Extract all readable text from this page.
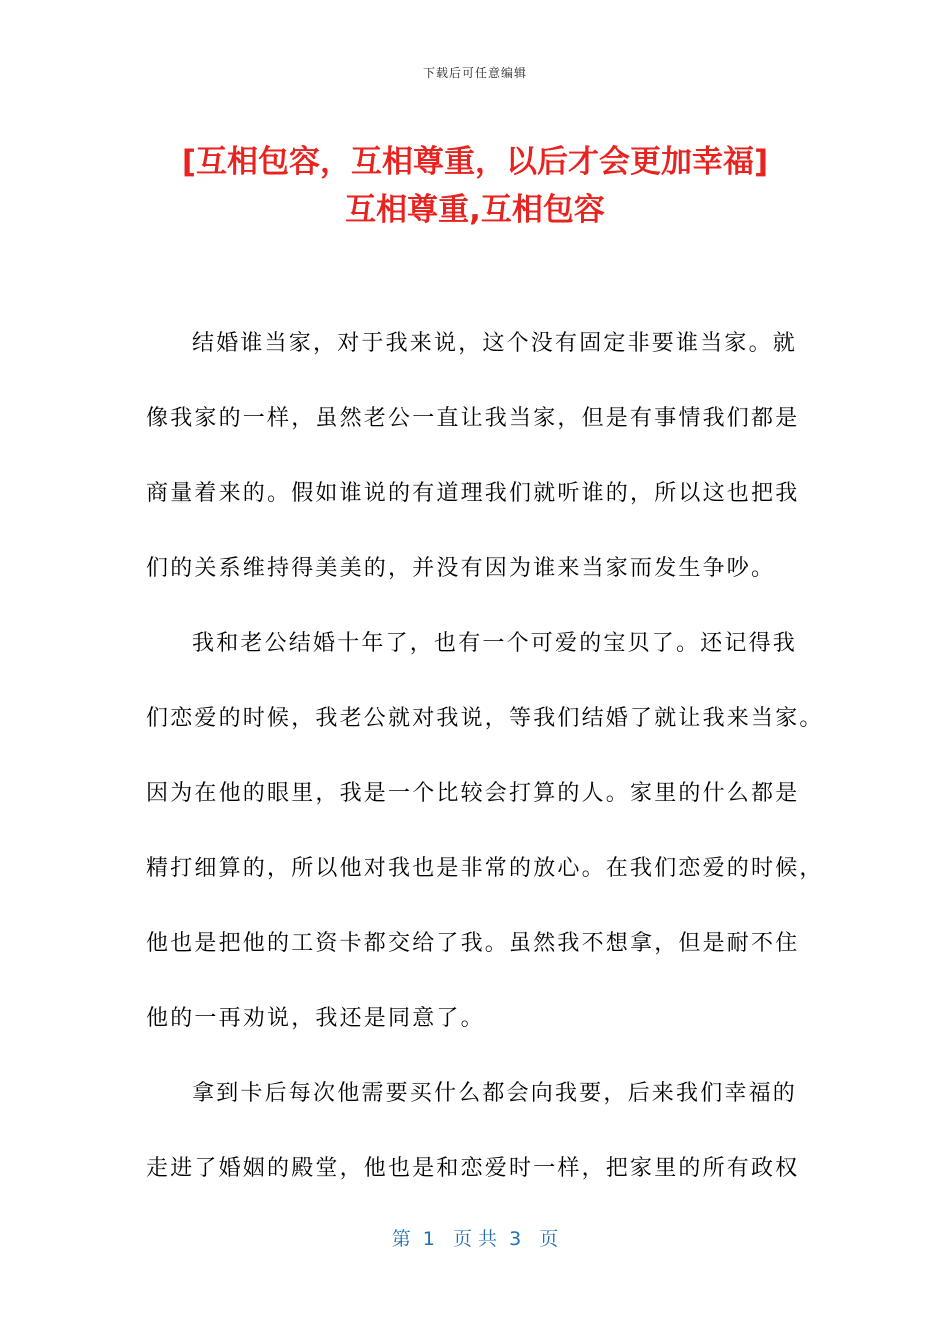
下载后可任意编辑
[互相包容，互相尊重，以后才会更加幸福]
互相尊重,互相包容

结婚谁当家，对于我来说，这个没有固定非要谁当家。就
像我家的一样，虽然老公一直让我当家，但是有事情我们都是
商量着来的。假如谁说的有道理我们就听谁的，所以这也把我
们的关系维持得美美的，并没有因为谁来当家而发生争吵。

我和老公结婚十年了，也有一个可爱的宝贝了。还记得我
们恋爱的时候，我老公就对我说，等我们结婚了就让我来当家。
因为在他的眼里，我是一个比较会打算的人。家里的什么都是
精打细算的，所以他对我也是非常的放心。在我们恋爱的时候，
他也是把他的工资卡都交给了我。虽然我不想拿，但是耐不住
他的一再劝说，我还是同意了。

拿到卡后每次他需要买什么都会向我要，后来我们幸福的
走进了婚姻的殿堂，他也是和恋爱时一样，把家里的所有政权

第  1   页 共  3   页
